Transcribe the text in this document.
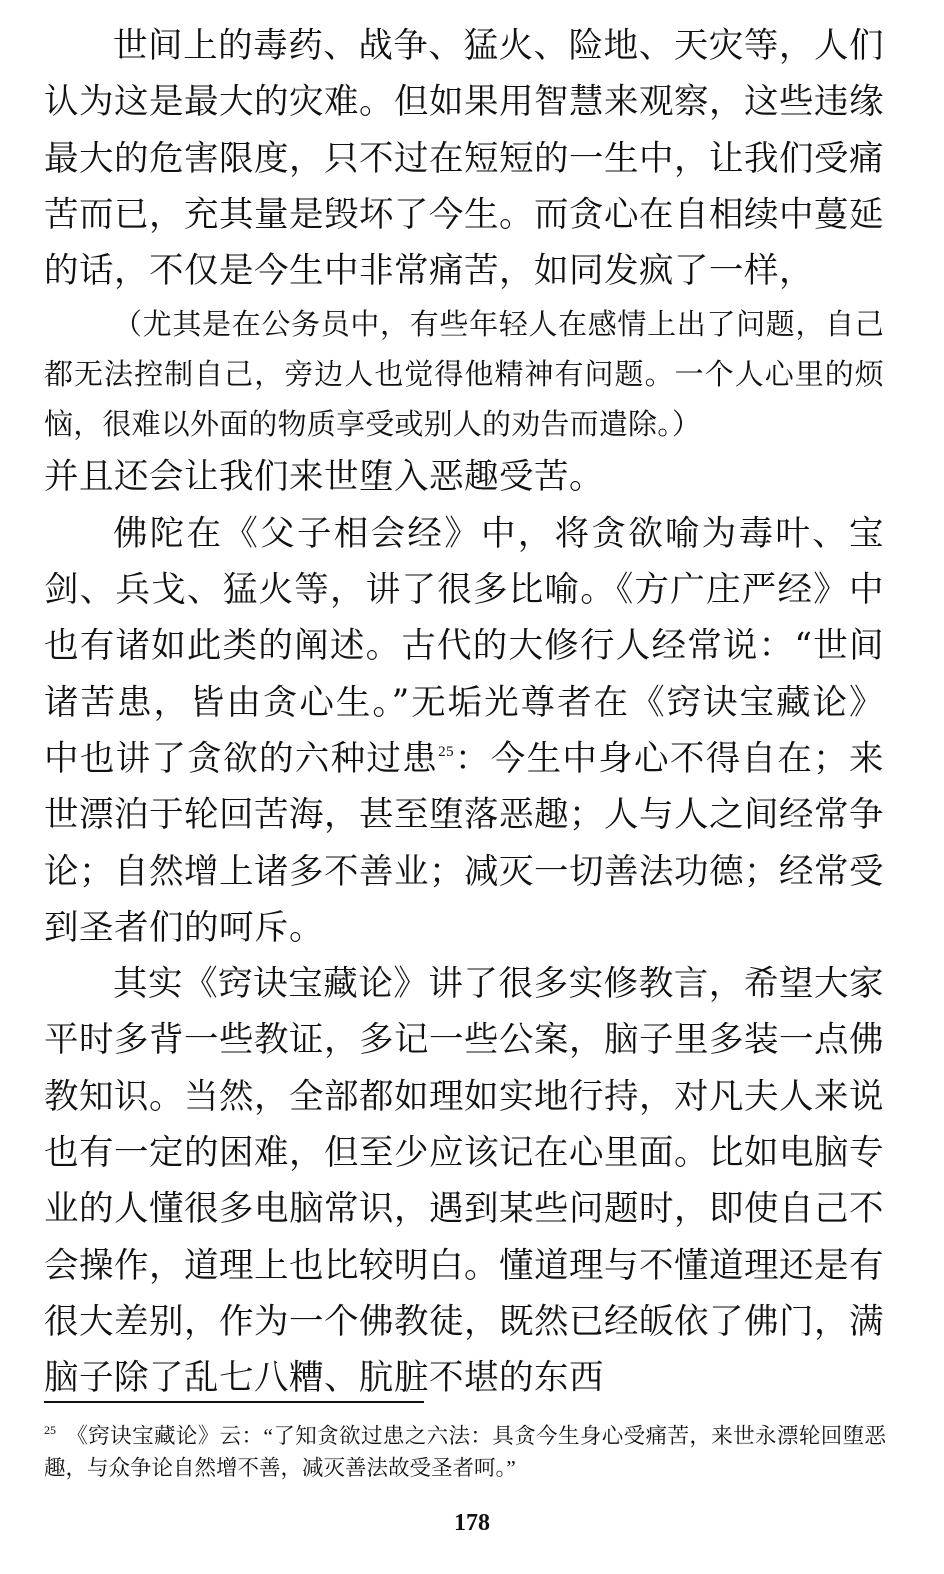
世间上的毒药、战争、猛火、险地、天灾等，人们认为这是最大的灾难。但如果用智慧来观察，这些违缘最大的危害限度，只不过在短短的一生中，让我们受痛苦而已，充其量是毁坏了今生。而贪心在自相续中蔓延的话，不仅是今生中非常痛苦，如同发疯了一样，
（尤其是在公务员中，有些年轻人在感情上出了问题，自己都无法控制自己，旁边人也觉得他精神有问题。一个人心里的烦恼，很难以外面的物质享受或别人的劝告而遣除。）
并且还会让我们来世堕入恶趣受苦。

佛陀在《父子相会经》中，将贪欲喻为毒叶、宝剑、兵戈、猛火等，讲了很多比喻。《方广庄严经》中也有诸如此类的阐述。古代的大修行人经常说：“世间诸苦患，皆由贪心生。”无垢光尊者在《窍诀宝藏论》中也讲了贪欲的六种过患$^{25}$：今生中身心不得自在；来世漂泊于轮回苦海，甚至堕落恶趣；人与人之间经常争论；自然增上诸多不善业；减灭一切善法功德；经常受到圣者们的呵斥。

其实《窍诀宝藏论》讲了很多实修教言，希望大家平时多背一些教证，多记一些公案，脑子里多装一点佛教知识。当然，全部都如理如实地行持，对凡夫人来说也有一定的困难，但至少应该记在心里面。比如电脑专业的人懂很多电脑常识，遇到某些问题时，即使自己不会操作，道理上也比较明白。懂道理与不懂道理还是有很大差别，作为一个佛教徒，既然已经皈依了佛门，满脑子除了乱七八糟、肮脏不堪的东西

$^{25}$ 《窍诀宝藏论》云：“了知贪欲过患之六法：具贪今生身心受痛苦，来世永漂轮回堕恶趣，与众争论自然增不善，减灭善法故受圣者呵。”
178
